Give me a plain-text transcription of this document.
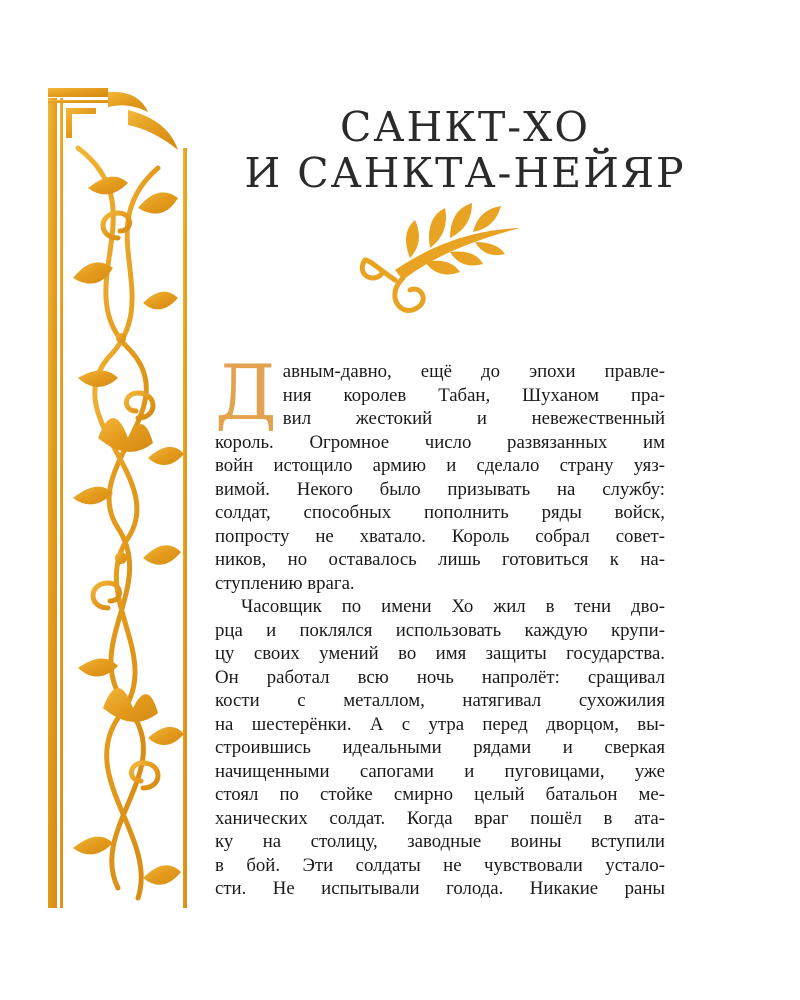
САНКТ-ХО
И САНКТА-НЕЙЯР

Д авным-давно, ещё до эпохи правле-
ния королев Табан, Шуханом пра-
вил жестокий и невежественный
король. Огромное число развязанных им
войн истощило армию и сделало страну уяз-
вимой. Некого было призывать на службу:
солдат, способных пополнить ряды войск,
попросту не хватало. Король собрал совет-
ников, но оставалось лишь готовиться к на-
ступлению врага.

Часовщик по имени Хо жил в тени дво-
рца и поклялся использовать каждую крупи-
цу своих умений во имя защиты государства.
Он работал всю ночь напролёт: сращивал
кости с металлом, натягивал сухожилия
на шестерёнки. А с утра перед дворцом, вы-
строившись идеальными рядами и сверкая
начищенными сапогами и пуговицами, уже
стоял по стойке смирно целый батальон ме-
ханических солдат. Когда враг пошёл в ата-
ку на столицу, заводные воины вступили
в бой. Эти солдаты не чувствовали устало-
сти. Не испытывали голода. Никакие раны
